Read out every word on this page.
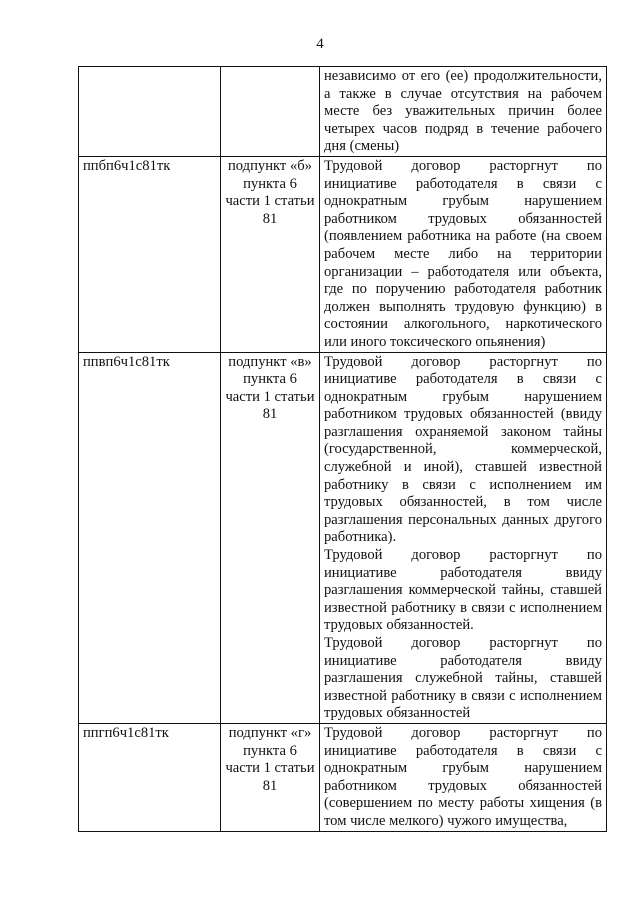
4

		независимо от его (ее) продолжительности, а также в случае отсутствия на рабочем месте без уважительных причин более четырех часов подряд в течение рабочего дня (смены)

ппбп6ч1с81тк	подпункт «б» пункта 6 части 1 статьи 81	Трудовой договор расторгнут по инициативе работодателя в связи с однократным грубым нарушением работником трудовых обязанностей (появлением работника на работе (на своем рабочем месте либо на территории организации – работодателя или объекта, где по поручению работодателя работник должен выполнять трудовую функцию) в состоянии алкогольного, наркотического или иного токсического опьянения)

ппвп6ч1с81тк	подпункт «в» пункта 6 части 1 статьи 81	Трудовой договор расторгнут по инициативе работодателя в связи с однократным грубым нарушением работником трудовых обязанностей (ввиду разглашения охраняемой законом тайны (государственной, коммерческой, служебной и иной), ставшей известной работнику в связи с исполнением им трудовых обязанностей, в том числе разглашения персональных данных другого работника).
Трудовой договор расторгнут по инициативе работодателя ввиду разглашения коммерческой тайны, ставшей известной работнику в связи с исполнением трудовых обязанностей.
Трудовой договор расторгнут по инициативе работодателя ввиду разглашения служебной тайны, ставшей известной работнику в связи с исполнением трудовых обязанностей

ппгп6ч1с81тк	подпункт «г» пункта 6 части 1 статьи 81	Трудовой договор расторгнут по инициативе работодателя в связи с однократным грубым нарушением работником трудовых обязанностей (совершением по месту работы хищения (в том числе мелкого) чужого имущества,
